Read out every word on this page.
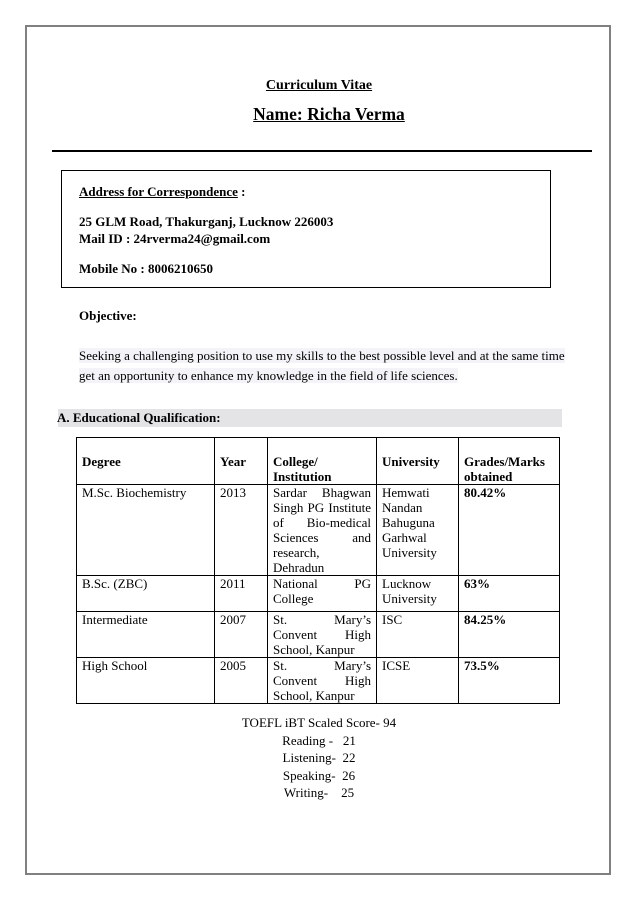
Curriculum Vitae
Name: Richa Verma
Address for Correspondence :
25 GLM Road, Thakurganj, Lucknow 226003
Mail ID : 24rverma24@gmail.com
Mobile No : 8006210650
Objective:
Seeking a challenging position to use my skills to the best possible level and at the same time
get an opportunity to enhance my knowledge in the field of life sciences.
A. Educational Qualification:
Degree	Year	College/ Institution	University	Grades/Marks obtained
M.Sc. Biochemistry	2013	Sardar Bhagwan Singh PG Institute of Bio-medical Sciences and research, Dehradun	Hemwati Nandan Bahuguna Garhwal University	80.42%
B.Sc. (ZBC)	2011	National PG College	Lucknow University	63%
Intermediate	2007	St. Mary’s Convent High School, Kanpur	ISC	84.25%
High School	2005	St. Mary’s Convent High School, Kanpur	ICSE	73.5%
TOEFL iBT Scaled Score- 94
Reading -   21
Listening-  22
Speaking-  26
Writing-    25
